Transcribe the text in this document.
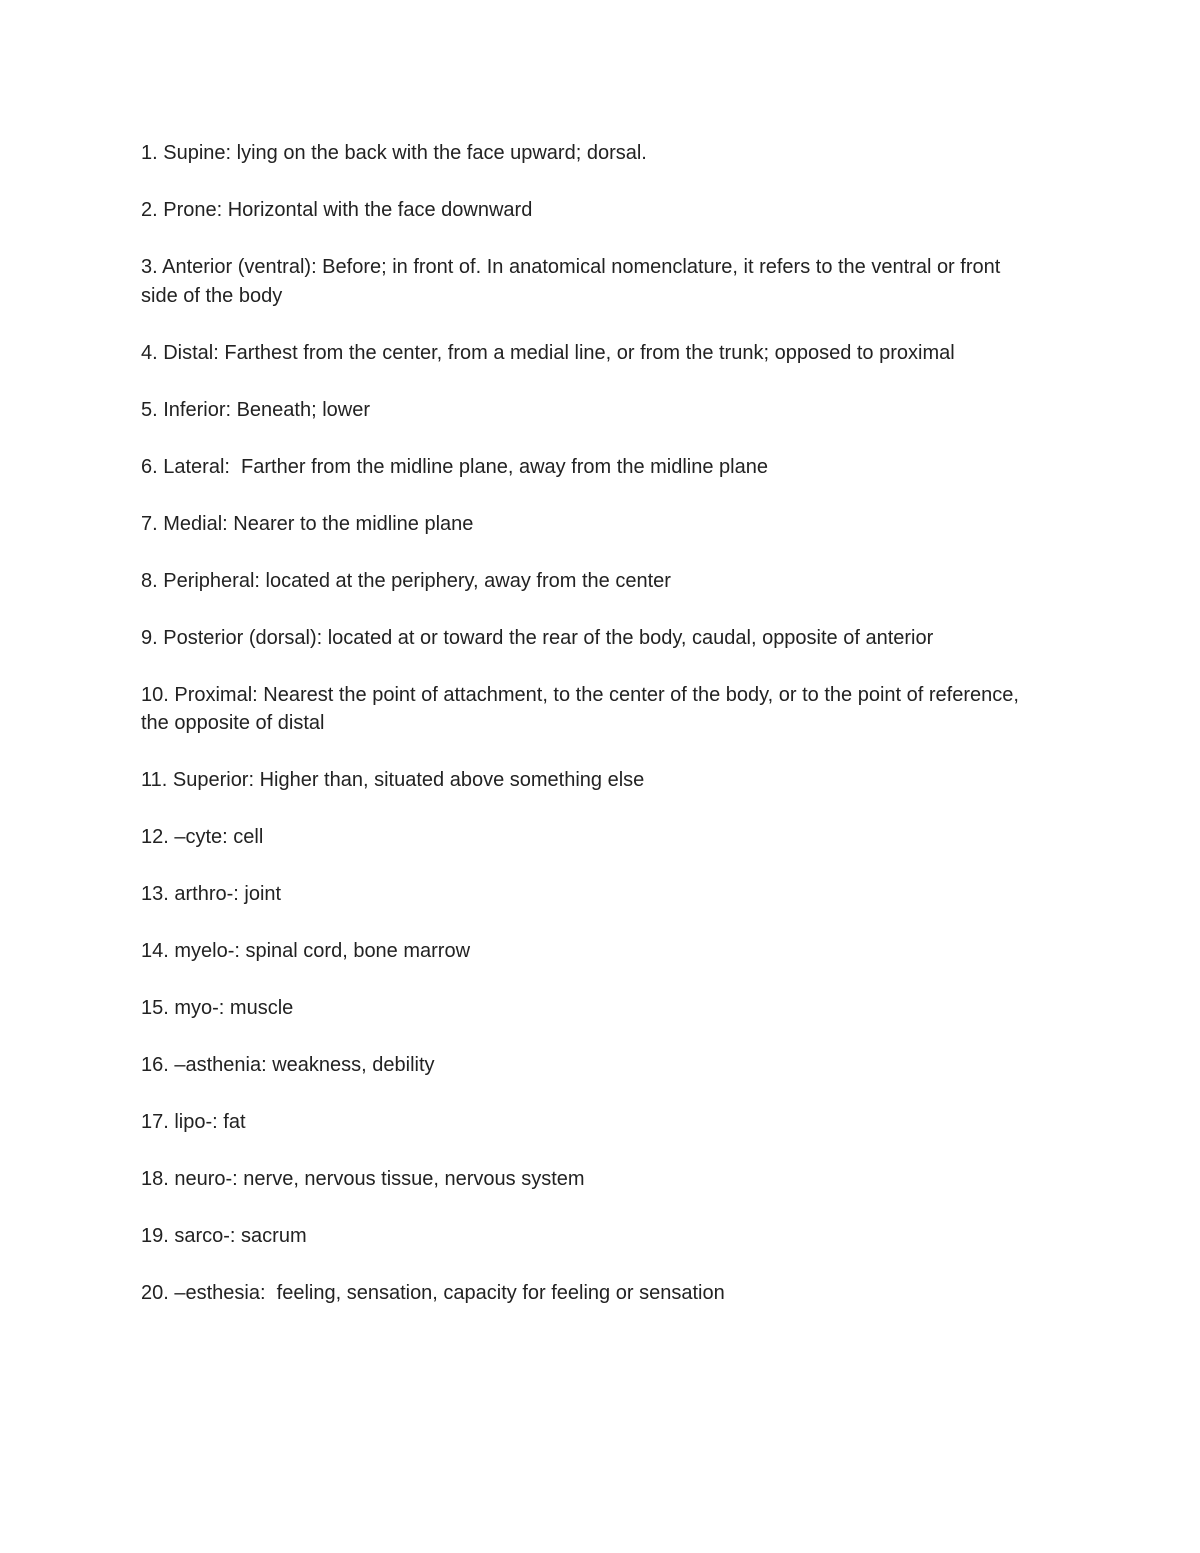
1. Supine: lying on the back with the face upward; dorsal.

2. Prone: Horizontal with the face downward

3. Anterior (ventral): Before; in front of. In anatomical nomenclature, it refers to the ventral or front side of the body

4. Distal: Farthest from the center, from a medial line, or from the trunk; opposed to proximal

5. Inferior: Beneath; lower

6. Lateral:  Farther from the midline plane, away from the midline plane

7. Medial: Nearer to the midline plane

8. Peripheral: located at the periphery, away from the center

9. Posterior (dorsal): located at or toward the rear of the body, caudal, opposite of anterior

10. Proximal: Nearest the point of attachment, to the center of the body, or to the point of reference, the opposite of distal

11. Superior: Higher than, situated above something else

12. –cyte: cell

13. arthro-: joint

14. myelo-: spinal cord, bone marrow

15. myo-: muscle

16. –asthenia: weakness, debility

17. lipo-: fat

18. neuro-: nerve, nervous tissue, nervous system

19. sarco-: sacrum

20. –esthesia:  feeling, sensation, capacity for feeling or sensation
